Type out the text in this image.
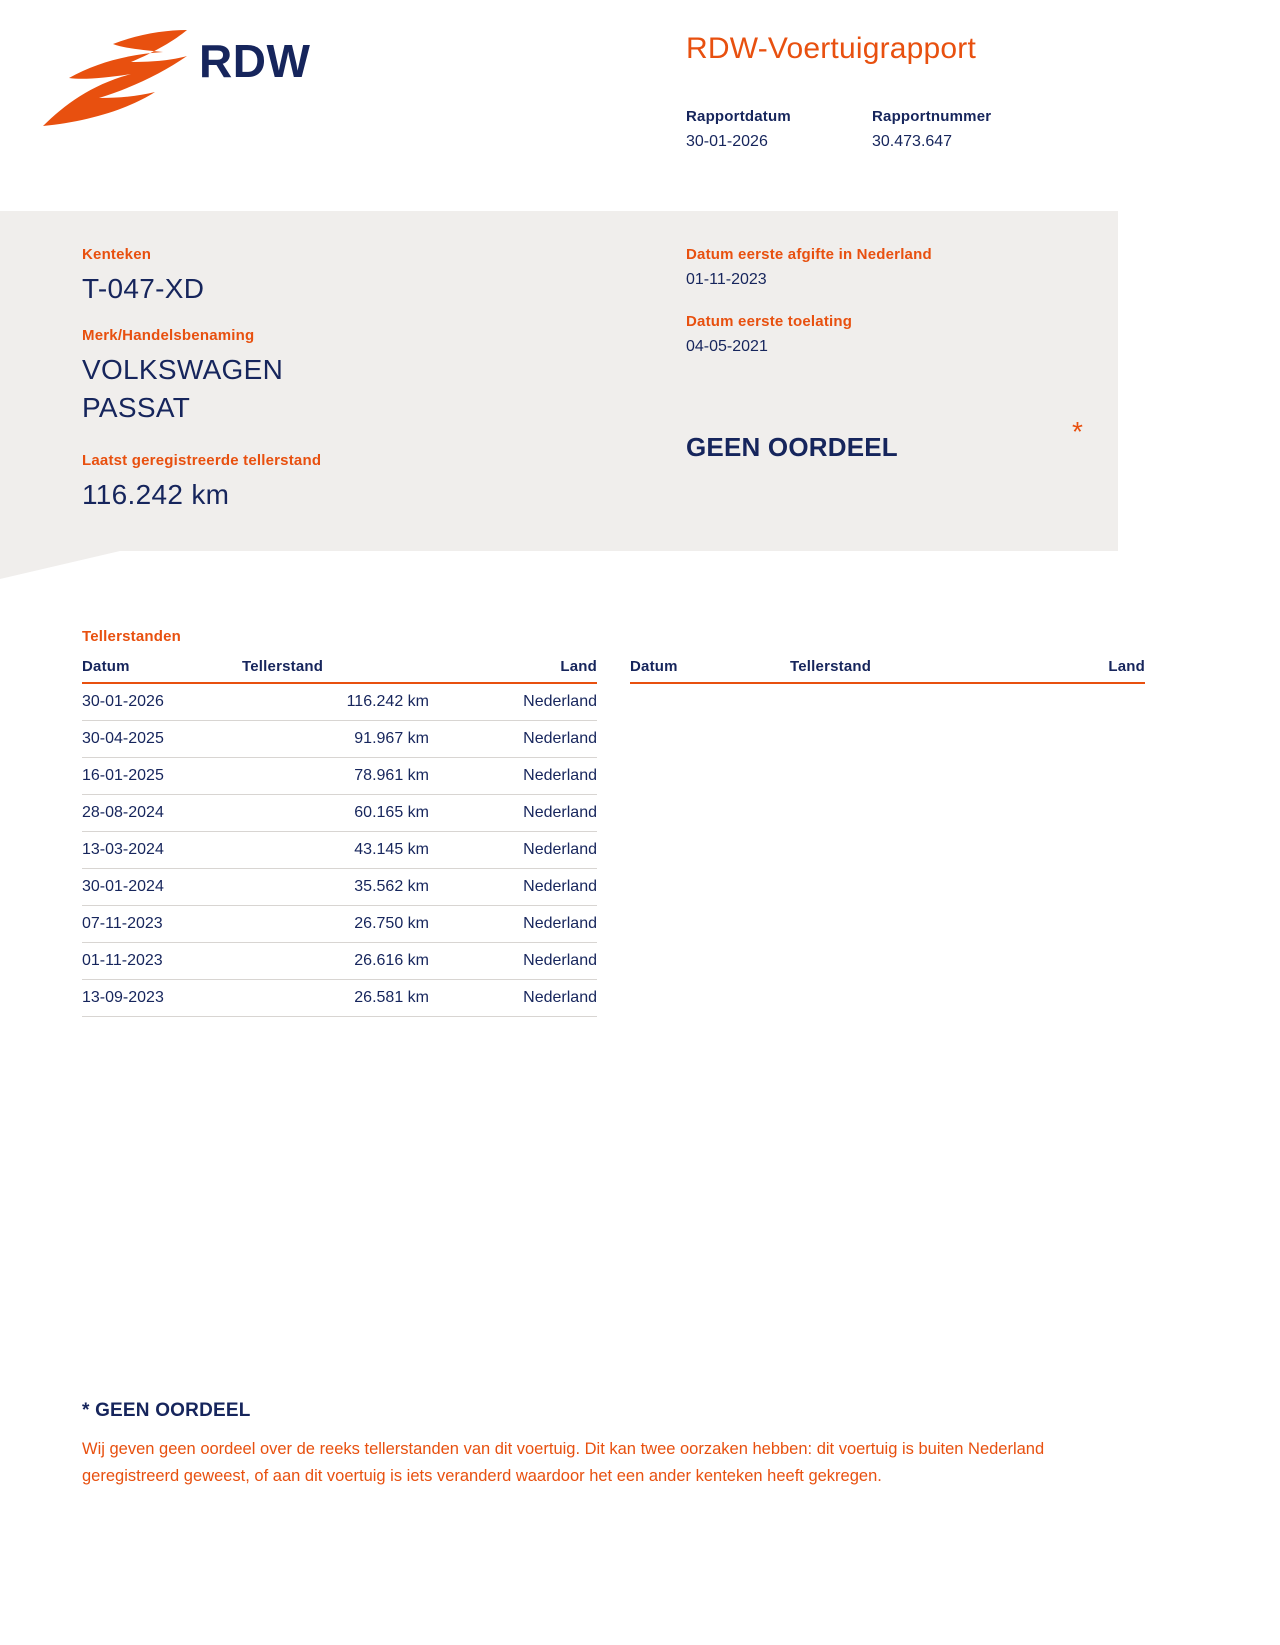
RDW	RDW-Voertuigrapport
Rapportdatum
30-01-2026
Rapportnummer
30.473.647
Kenteken
T-047-XD
Merk/Handelsbenaming
VOLKSWAGEN
PASSAT
Laatst geregistreerde tellerstand
116.242 km
Datum eerste afgifte in Nederland
01-11-2023
Datum eerste toelating
04-05-2021
GEEN OORDEEL	*
Tellerstanden
Datum	Tellerstand	Land
30-01-2026	116.242 km	Nederland
30-04-2025	91.967 km	Nederland
16-01-2025	78.961 km	Nederland
28-08-2024	60.165 km	Nederland
13-03-2024	43.145 km	Nederland
30-01-2024	35.562 km	Nederland
07-11-2023	26.750 km	Nederland
01-11-2023	26.616 km	Nederland
13-09-2023	26.581 km	Nederland

Datum	Tellerstand	Land
* GEEN OORDEEL
Wij geven geen oordeel over de reeks tellerstanden van dit voertuig. Dit kan twee oorzaken hebben: dit voertuig is buiten Nederland geregistreerd geweest, of aan dit voertuig is iets veranderd waardoor het een ander kenteken heeft gekregen.
